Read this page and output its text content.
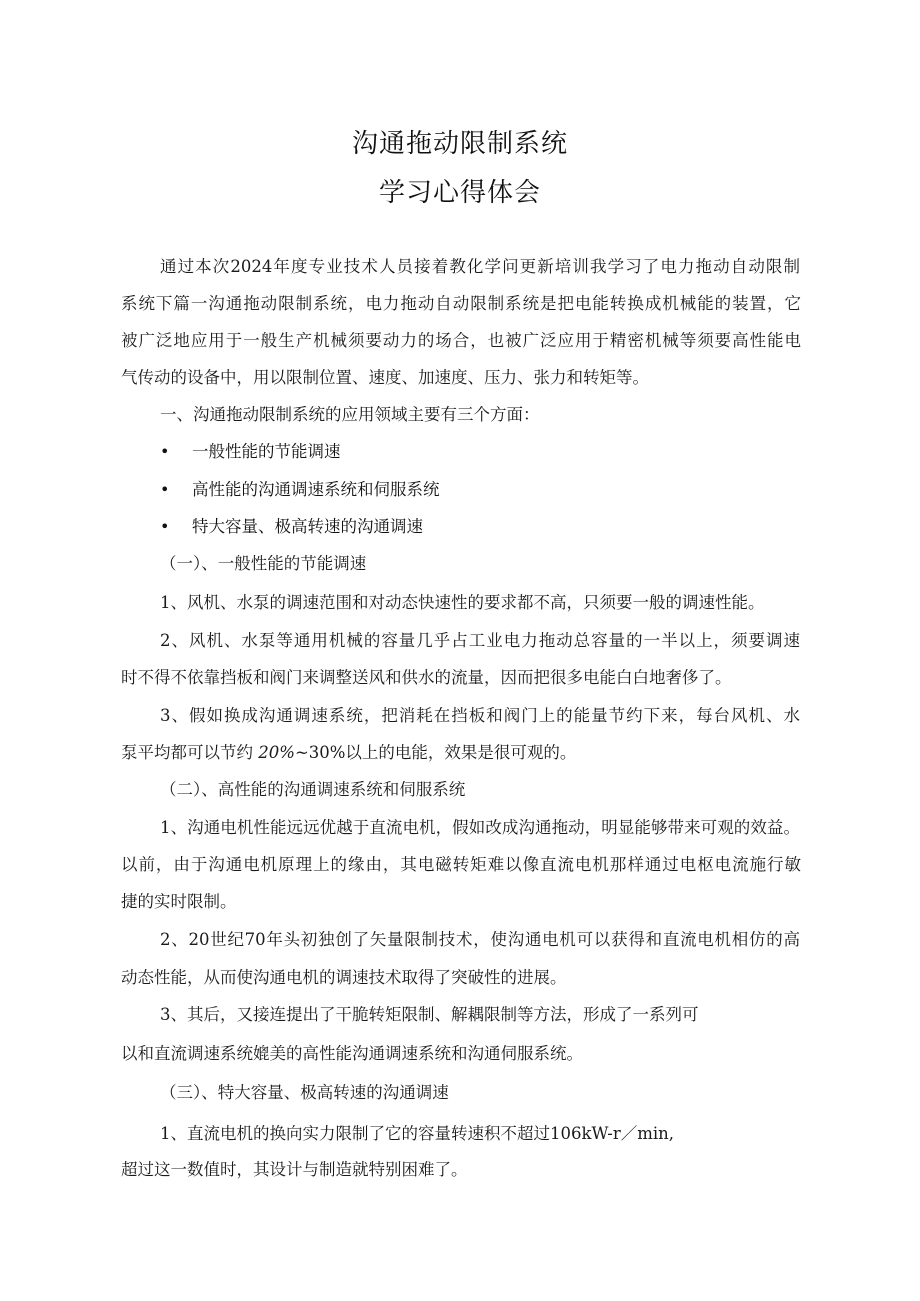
沟通拖动限制系统
学习心得体会
通过本次2024年度专业技术人员接着教化学问更新培训我学习了电力拖动自动限制
系统下篇一沟通拖动限制系统，电力拖动自动限制系统是把电能转换成机械能的装置，它
被广泛地应用于一般生产机械须要动力的场合，也被广泛应用于精密机械等须要高性能电
气传动的设备中，用以限制位置、速度、加速度、压力、张力和转矩等。
一、沟通拖动限制系统的应用领域主要有三个方面：
• 一般性能的节能调速
• 高性能的沟通调速系统和伺服系统
• 特大容量、极高转速的沟通调速
（一）、一般性能的节能调速
1、风机、水泵的调速范围和对动态快速性的要求都不高，只须要一般的调速性能。
2、风机、水泵等通用机械的容量几乎占工业电力拖动总容量的一半以上，须要调速
时不得不依靠挡板和阀门来调整送风和供水的流量，因而把很多电能白白地奢侈了。
3、假如换成沟通调速系统，把消耗在挡板和阀门上的能量节约下来，每台风机、水
泵平均都可以节约 20%~30%以上的电能，效果是很可观的。
（二）、高性能的沟通调速系统和伺服系统
1、沟通电机性能远远优越于直流电机，假如改成沟通拖动，明显能够带来可观的效益。
以前，由于沟通电机原理上的缘由，其电磁转矩难以像直流电机那样通过电枢电流施行敏
捷的实时限制。
2、20世纪70年头初独创了矢量限制技术，使沟通电机可以获得和直流电机相仿的高
动态性能，从而使沟通电机的调速技术取得了突破性的进展。
3、其后，又接连提出了干脆转矩限制、解耦限制等方法，形成了一系列可
以和直流调速系统媲美的高性能沟通调速系统和沟通伺服系统。
（三）、特大容量、极高转速的沟通调速
1、直流电机的换向实力限制了它的容量转速积不超过106kW-r／min,
超过这一数值时，其设计与制造就特别困难了。
